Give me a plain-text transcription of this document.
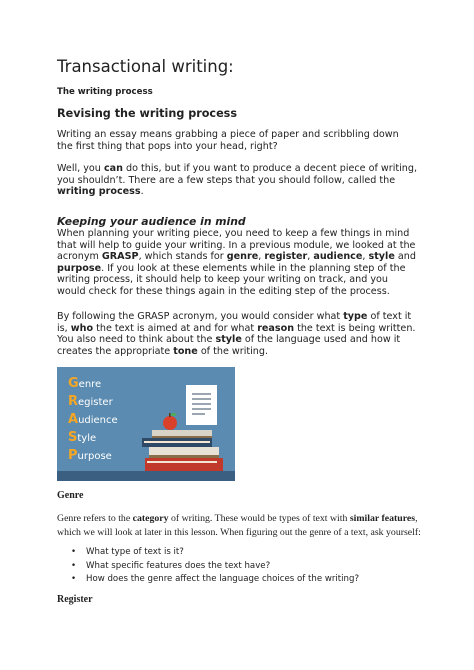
Transactional writing:

The writing process

Revising the writing process

Writing an essay means grabbing a piece of paper and scribbling down the first thing that pops into your head, right?

Well, you can do this, but if you want to produce a decent piece of writing, you shouldn’t. There are a few steps that you should follow, called the writing process.

Keeping your audience in mind

When planning your writing piece, you need to keep a few things in mind that will help to guide your writing. In a previous module, we looked at the acronym GRASP, which stands for genre, register, audience, style and purpose. If you look at these elements while in the planning step of the writing process, it should help to keep your writing on track, and you would check for these things again in the editing step of the process.

By following the GRASP acronym, you would consider what type of text it is, who the text is aimed at and for what reason the text is being written. You also need to think about the style of the language used and how it creates the appropriate tone of the writing.

Genre
Register
Audience
Style
Purpose

Genre

Genre refers to the category of writing. These would be types of text with similar features, which we will look at later in this lesson. When figuring out the genre of a text, ask yourself:

• What type of text is it?
• What specific features does the text have?
• How does the genre affect the language choices of the writing?

Register
